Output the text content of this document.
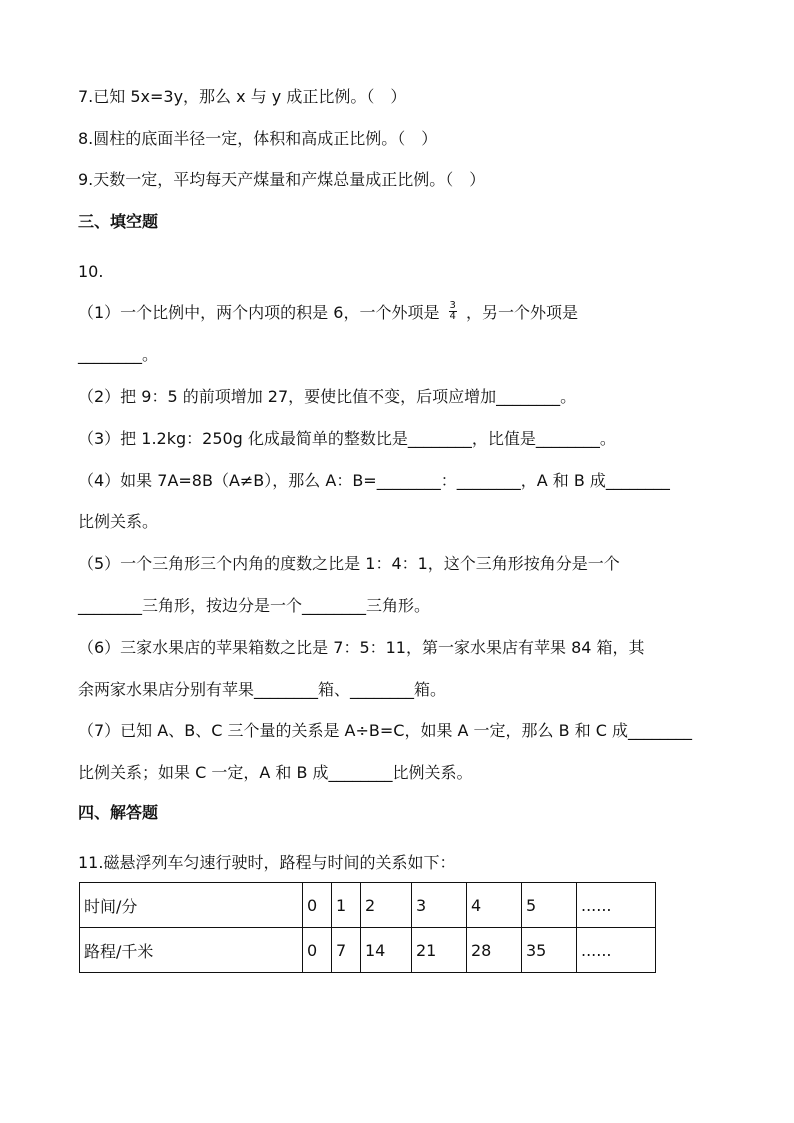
7.已知 5x=3y，那么 x 与 y 成正比例。（　）
8.圆柱的底面半径一定，体积和高成正比例。（　）
9.天数一定，平均每天产煤量和产煤总量成正比例。（　）
三、填空题
10.
（1）一个比例中，两个内项的积是 6，一个外项是 $\frac{3}{4}$ ，另一个外项是
________。
（2）把 9：5 的前项增加 27，要使比值不变，后项应增加________。
（3）把 1.2kg：250g 化成最简单的整数比是________，比值是________。
（4）如果 7A=8B（A≠B），那么 A：B=________：________，A 和 B 成________
比例关系。
（5）一个三角形三个内角的度数之比是 1：4：1，这个三角形按角分是一个
________三角形，按边分是一个________三角形。
（6）三家水果店的苹果箱数之比是 7：5：11，第一家水果店有苹果 84 箱，其
余两家水果店分别有苹果________箱、________箱。
（7）已知 A、B、C 三个量的关系是 A÷B=C，如果 A 一定，那么 B 和 C 成________
比例关系；如果 C 一定，A 和 B 成________比例关系。
四、解答题
11.磁悬浮列车匀速行驶时，路程与时间的关系如下：
时间/分	0	1	2	3	4	5	......
路程/千米	0	7	14	21	28	35	......
